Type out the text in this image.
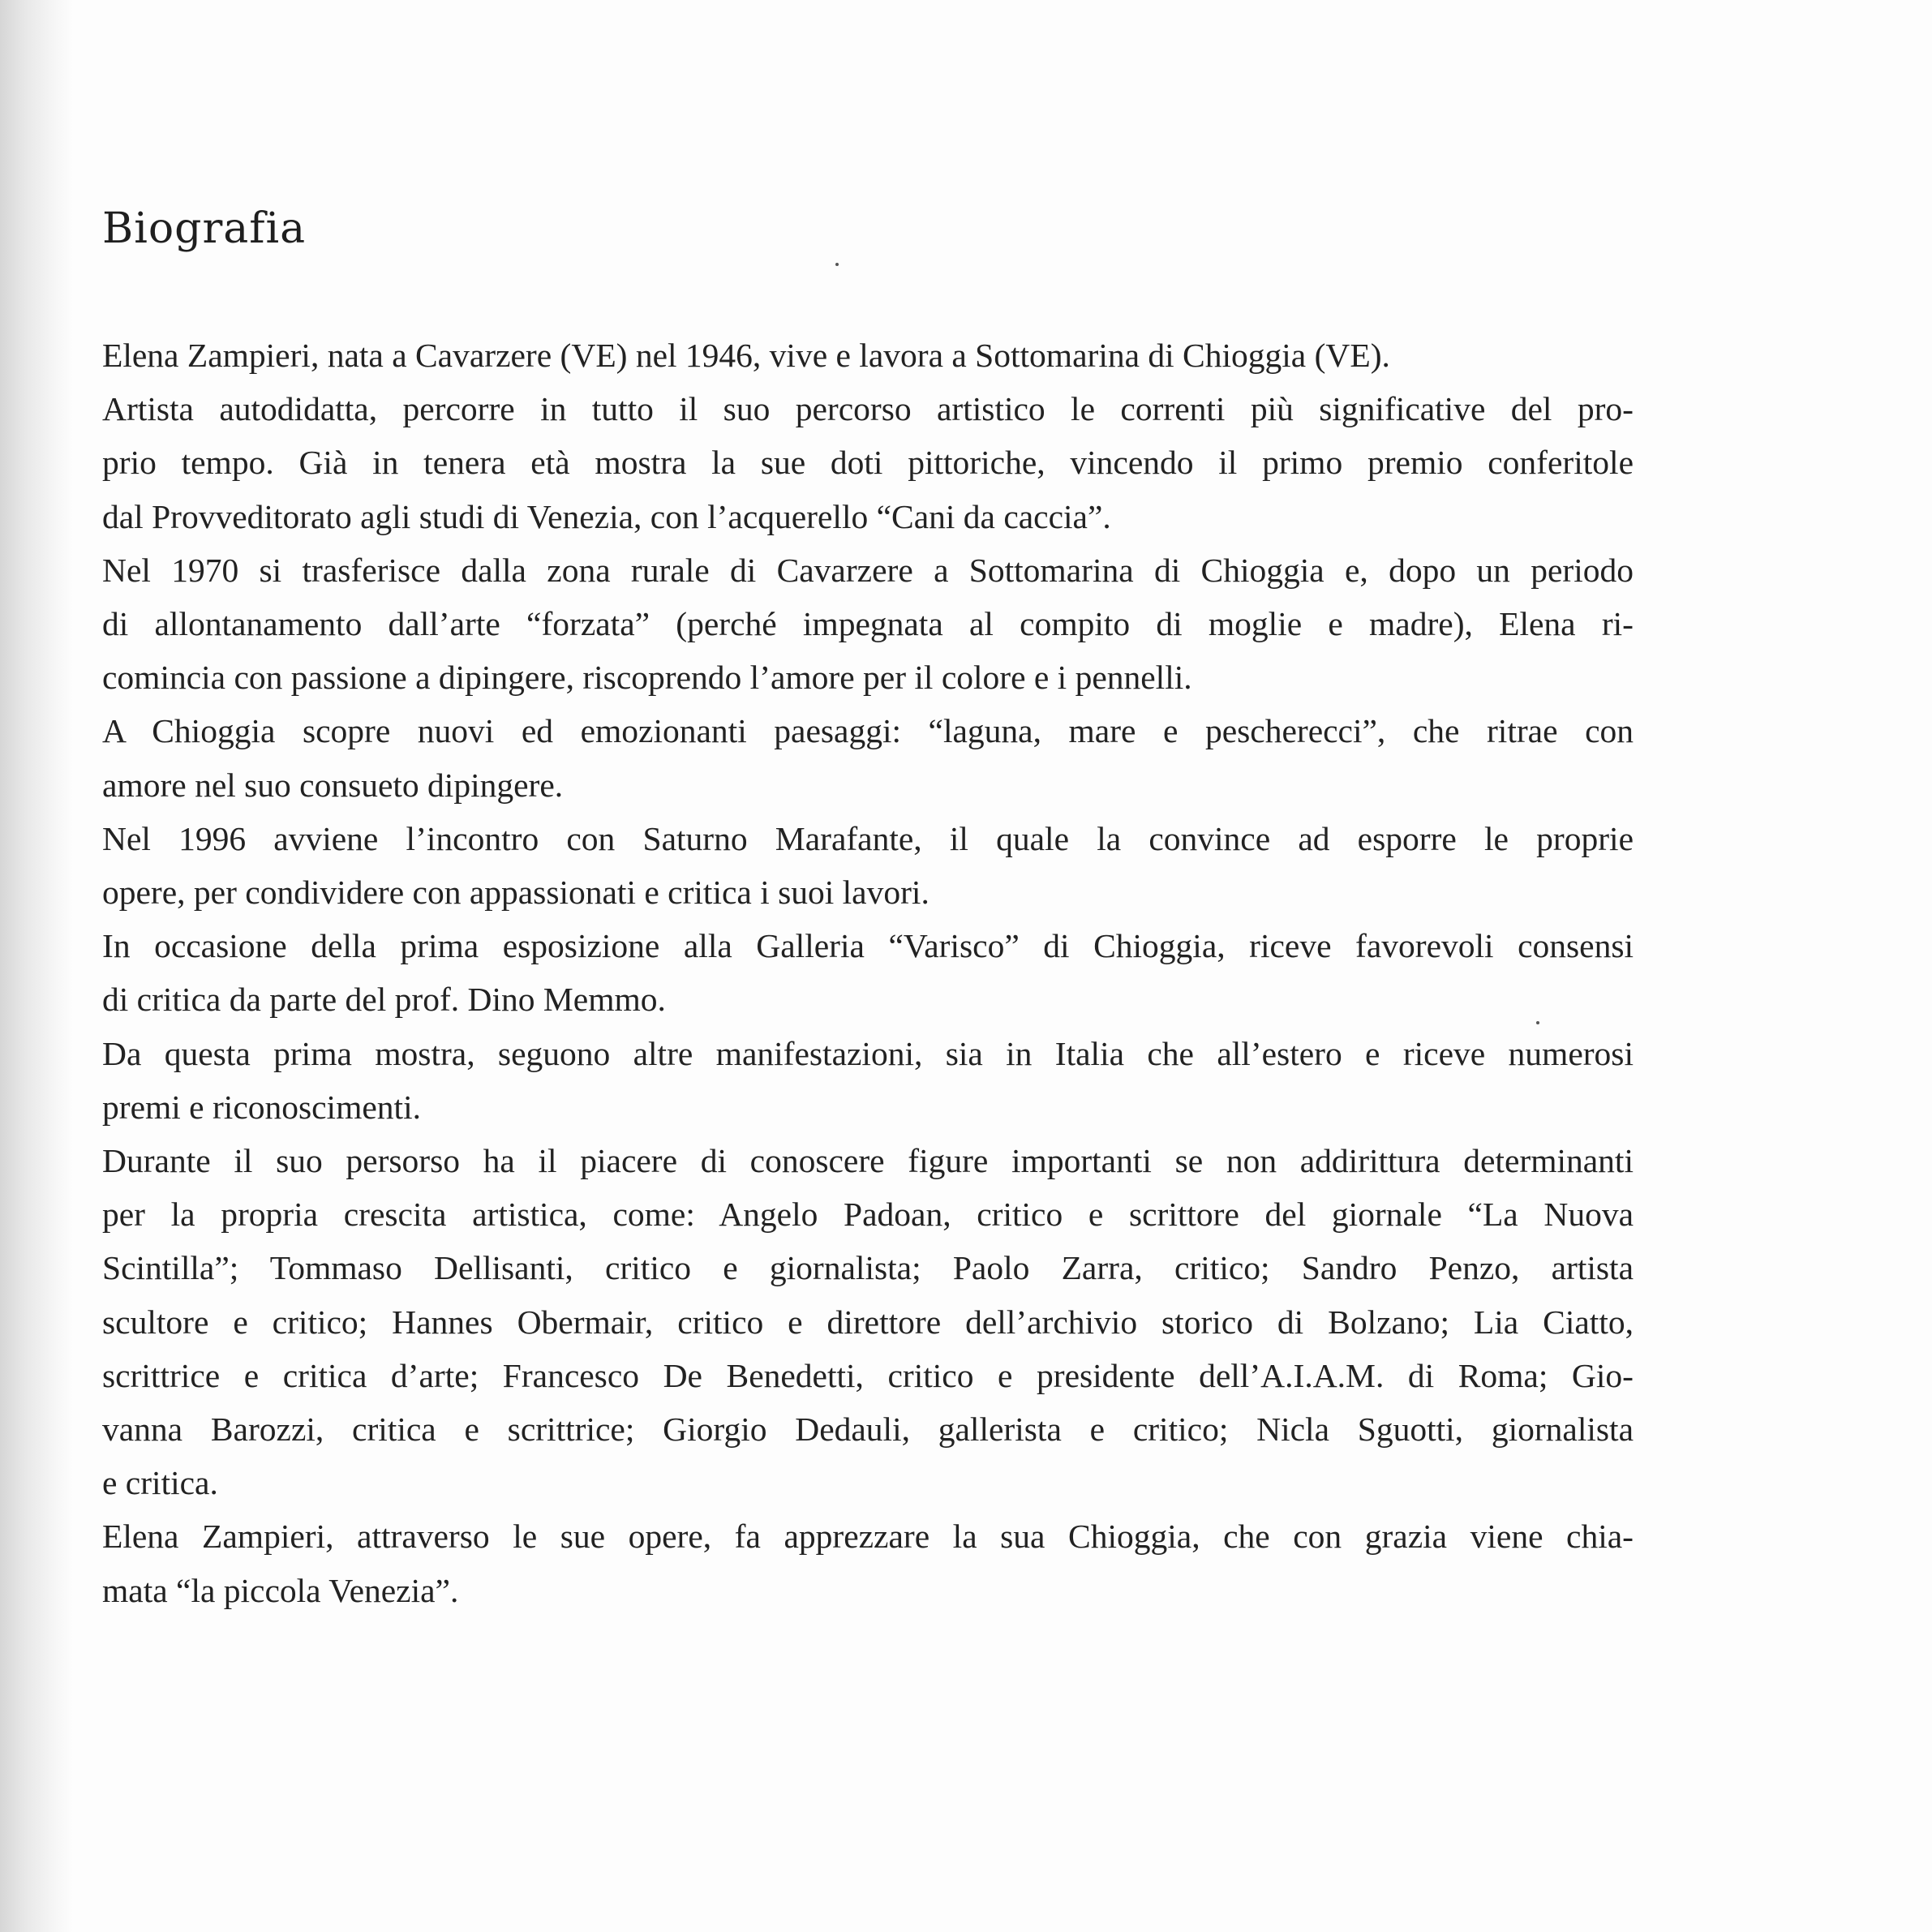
Biografia
Elena Zampieri, nata a Cavarzere (VE) nel 1946, vive e lavora a Sottomarina di Chioggia (VE).
Artista autodidatta, percorre in tutto il suo percorso artistico le correnti più significative del pro-
prio tempo. Già in tenera età mostra la sue doti pittoriche, vincendo il primo premio conferitole
dal Provveditorato agli studi di Venezia, con l’acquerello “Cani da caccia”.
Nel 1970 si trasferisce dalla zona rurale di Cavarzere a Sottomarina di Chioggia e, dopo un periodo
di allontanamento dall’arte “forzata” (perché impegnata al compito di moglie e madre), Elena ri-
comincia con passione a dipingere, riscoprendo l’amore per il colore e i pennelli.
A Chioggia scopre nuovi ed emozionanti paesaggi: “laguna, mare e pescherecci”, che ritrae con
amore nel suo consueto dipingere.
Nel 1996 avviene l’incontro con Saturno Marafante, il quale la convince ad esporre le proprie
opere, per condividere con appassionati e critica i suoi lavori.
In occasione della prima esposizione alla Galleria “Varisco” di Chioggia, riceve favorevoli consensi
di critica da parte del prof. Dino Memmo.
Da questa prima mostra, seguono altre manifestazioni, sia in Italia che all’estero e riceve numerosi
premi e riconoscimenti.
Durante il suo persorso ha il piacere di conoscere figure importanti se non addirittura determinanti
per la propria crescita artistica, come: Angelo Padoan, critico e scrittore del giornale “La Nuova
Scintilla”; Tommaso Dellisanti, critico e giornalista; Paolo Zarra, critico; Sandro Penzo, artista
scultore e critico; Hannes Obermair, critico e direttore dell’archivio storico di Bolzano; Lia Ciatto,
scrittrice e critica d’arte; Francesco De Benedetti, critico e presidente dell’A.I.A.M. di Roma; Gio-
vanna Barozzi, critica e scrittrice; Giorgio Dedauli, gallerista e critico; Nicla Sguotti, giornalista
e critica.
Elena Zampieri, attraverso le sue opere, fa apprezzare la sua Chioggia, che con grazia viene chia-
mata “la piccola Venezia”.
